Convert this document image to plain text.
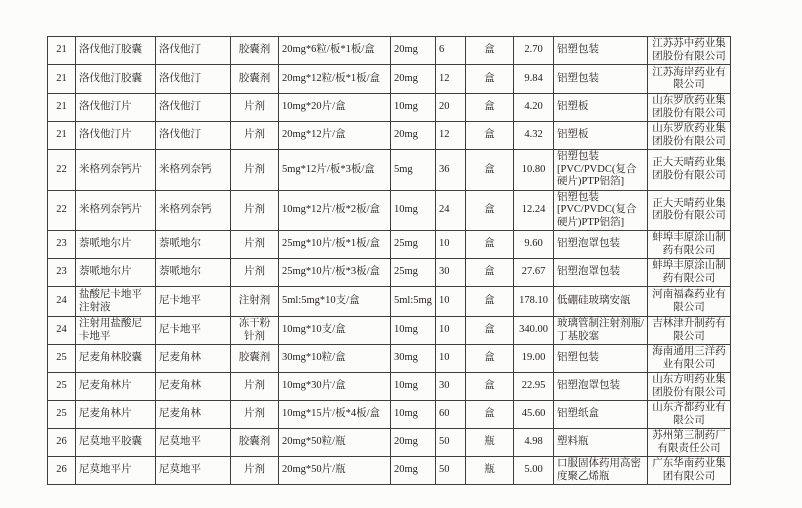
21	洛伐他汀胶囊	洛伐他汀	胶囊剂	20mg*6粒/板*1板/盒	20mg	6	盒	2.70	铝塑包装	江苏苏中药业集团股份有限公司
21	洛伐他汀胶囊	洛伐他汀	胶囊剂	20mg*12粒/板*1板/盒	20mg	12	盒	9.84	铝塑包装	江苏海岸药业有限公司
21	洛伐他汀片	洛伐他汀	片剂	10mg*20片/盒	10mg	20	盒	4.20	铝塑板	山东罗欣药业集团股份有限公司
21	洛伐他汀片	洛伐他汀	片剂	20mg*12片/盒	20mg	12	盒	4.32	铝塑板	山东罗欣药业集团股份有限公司
22	米格列奈钙片	米格列奈钙	片剂	5mg*12片/板*3板/盒	5mg	36	盒	10.80	铝塑包装[PVC/PVDC(复合硬片)PTP铝箔]	正大天晴药业集团股份有限公司
22	米格列奈钙片	米格列奈钙	片剂	10mg*12片/板*2板/盒	10mg	24	盒	12.24	铝塑包装[PVC/PVDC(复合硬片)PTP铝箔]	正大天晴药业集团股份有限公司
23	萘哌地尔片	萘哌地尔	片剂	25mg*10片/板*1板/盒	25mg	10	盒	9.60	铝塑泡罩包装	蚌埠丰原涂山制药有限公司
23	萘哌地尔片	萘哌地尔	片剂	25mg*10片/板*3板/盒	25mg	30	盒	27.67	铝塑泡罩包装	蚌埠丰原涂山制药有限公司
24	盐酸尼卡地平注射液	尼卡地平	注射剂	5ml:5mg*10支/盒	5ml:5mg	10	盒	178.10	低硼硅玻璃安瓿	河南福森药业有限公司
24	注射用盐酸尼卡地平	尼卡地平	冻干粉针剂	10mg*10支/盒	10mg	10	盒	340.00	玻璃管制注射剂瓶/丁基胶塞	吉林津升制药有限公司
25	尼麦角林胶囊	尼麦角林	胶囊剂	30mg*10粒/盒	30mg	10	盒	19.00	铝塑包装	海南通用三洋药业有限公司
25	尼麦角林片	尼麦角林	片剂	10mg*30片/盒	10mg	30	盒	22.95	铝塑泡罩包装	山东方明药业集团股份有限公司
25	尼麦角林片	尼麦角林	片剂	10mg*15片/板*4板/盒	10mg	60	盒	45.60	铝塑纸盒	山东齐都药业有限公司
26	尼莫地平胶囊	尼莫地平	胶囊剂	20mg*50粒/瓶	20mg	50	瓶	4.98	塑料瓶	苏州第三制药厂有限责任公司
26	尼莫地平片	尼莫地平	片剂	20mg*50片/瓶	20mg	50	瓶	5.00	口服固体药用高密度聚乙烯瓶	广东华南药业集团有限公司
